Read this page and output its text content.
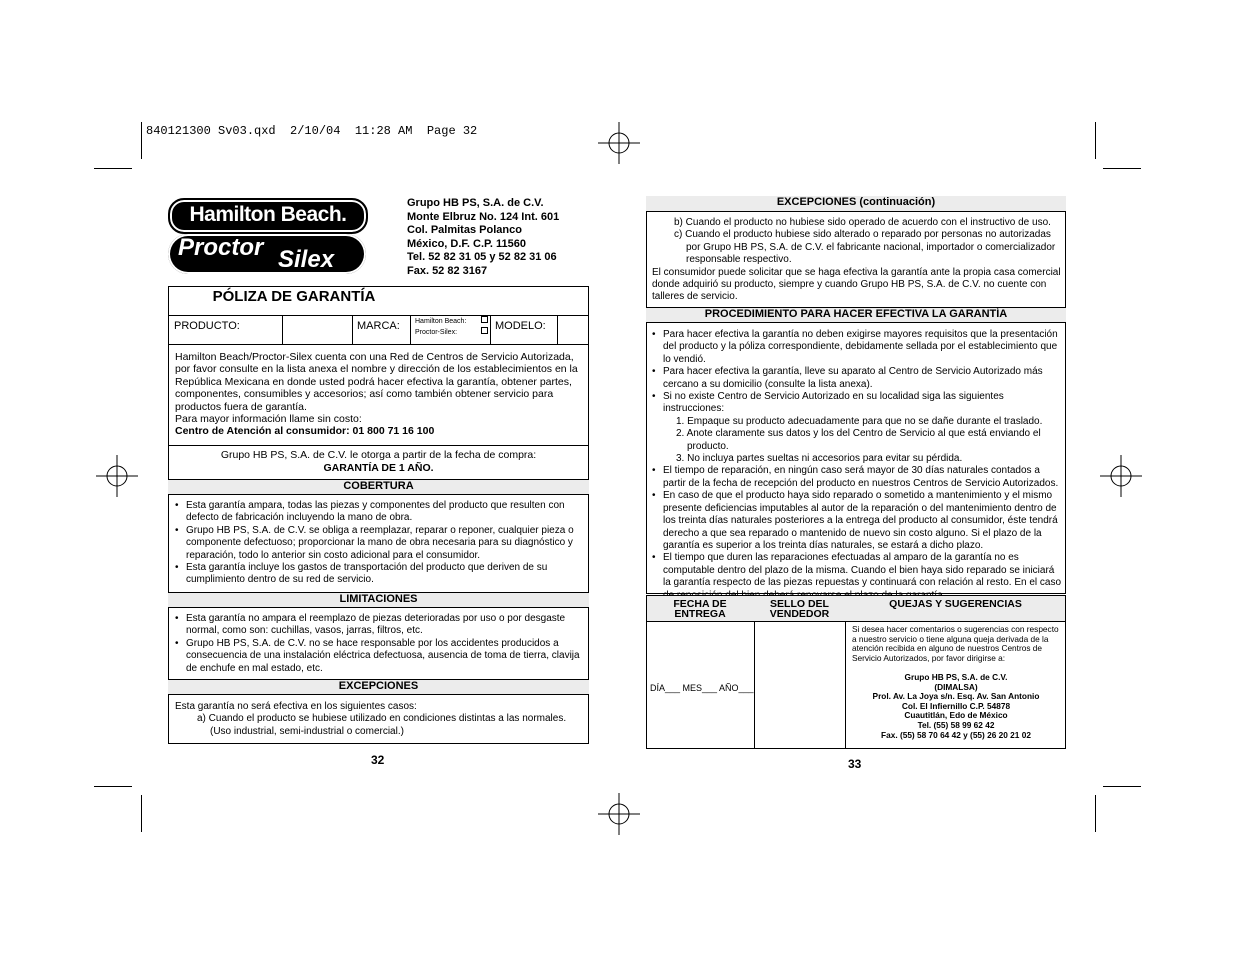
840121300 Sv03.qxd  2/10/04  11:28 AM  Page 32
Hamilton Beach.
Proctor Silex
Grupo HB PS, S.A. de C.V.
Monte Elbruz No. 124 Int. 601
Col. Palmitas Polanco
México, D.F. C.P. 11560
Tel. 52 82 31 05 y 52 82 31 06
Fax. 52 82 3167
PÓLIZA DE GARANTÍA
PRODUCTO:	MARCA: Hamilton Beach:
Proctor-Silex:
MODELO:
Hamilton Beach/Proctor-Silex cuenta con una Red de Centros de Servicio Autorizada, por favor consulte en la lista anexa el nombre y dirección de los establecimientos en la República Mexicana en donde usted podrá hacer efectiva la garantía, obtener partes, componentes, consumibles y accesorios; así como también obtener servicio para productos fuera de garantía.
Para mayor información llame sin costo:
Centro de Atención al consumidor: 01 800 71 16 100
Grupo HB PS, S.A. de C.V. le otorga a partir de la fecha de compra:
GARANTÍA DE 1 AÑO.
COBERTURA
• Esta garantía ampara, todas las piezas y componentes del producto que resulten con defecto de fabricación incluyendo la mano de obra.
• Grupo HB PS, S.A. de C.V. se obliga a reemplazar, reparar o reponer, cualquier pieza o componente defectuoso; proporcionar la mano de obra necesaria para su diagnóstico y reparación, todo lo anterior sin costo adicional para el consumidor.
• Esta garantía incluye los gastos de transportación del producto que deriven de su cumplimiento dentro de su red de servicio.
LIMITACIONES
• Esta garantía no ampara el reemplazo de piezas deterioradas por uso o por desgaste normal, como son: cuchillas, vasos, jarras, filtros, etc.
• Grupo HB PS, S.A. de C.V. no se hace responsable por los accidentes producidos a consecuencia de una instalación eléctrica defectuosa, ausencia de toma de tierra, clavija de enchufe en mal estado, etc.
EXCEPCIONES
Esta garantía no será efectiva en los siguientes casos:
a) Cuando el producto se hubiese utilizado en condiciones distintas a las normales.
(Uso industrial, semi-industrial o comercial.)
32
EXCEPCIONES (continuación)
b) Cuando el producto no hubiese sido operado de acuerdo con el instructivo de uso.
c) Cuando el producto hubiese sido alterado o reparado por personas no autorizadas
por Grupo HB PS, S.A. de C.V. el fabricante nacional, importador o comercializador
responsable respectivo.
El consumidor puede solicitar que se haga efectiva la garantía ante la propia casa comercial donde adquirió su producto, siempre y cuando Grupo HB PS, S.A. de C.V. no cuente con talleres de servicio.
PROCEDIMIENTO PARA HACER EFECTIVA LA GARANTÍA
• Para hacer efectiva la garantía no deben exigirse mayores requisitos que la presentación del producto y la póliza correspondiente, debidamente sellada por el establecimiento que lo vendió.
• Para hacer efectiva la garantía, lleve su aparato al Centro de Servicio Autorizado más cercano a su domicilio (consulte la lista anexa).
• Si no existe Centro de Servicio Autorizado en su localidad siga las siguientes instrucciones:
1. Empaque su producto adecuadamente para que no se dañe durante el traslado.
2. Anote claramente sus datos y los del Centro de Servicio al que está enviando el producto.
3. No incluya partes sueltas ni accesorios para evitar su pérdida.
• El tiempo de reparación, en ningún caso será mayor de 30 días naturales contados a partir de la fecha de recepción del producto en nuestros Centros de Servicio Autorizados.
• En caso de que el producto haya sido reparado o sometido a mantenimiento y el mismo presente deficiencias imputables al autor de la reparación o del mantenimiento dentro de los treinta días naturales posteriores a la entrega del producto al consumidor, éste tendrá derecho a que sea reparado o mantenido de nuevo sin costo alguno. Si el plazo de la garantía es superior a los treinta días naturales, se estará a dicho plazo.
• El tiempo que duren las reparaciones efectuadas al amparo de la garantía no es computable dentro del plazo de la misma. Cuando el bien haya sido reparado se iniciará la garantía respecto de las piezas repuestas y continuará con relación al resto. En el caso
FECHA DE
ENTREGA
SELLO DEL
VENDEDOR
QUEJAS Y SUGERENCIAS
DÍA___ MES___ AÑO___
Si desea hacer comentarios o sugerencias con respecto a nuestro servicio o tiene alguna queja derivada de la atención recibida en alguno de nuestros Centros de Servicio Autorizados, por favor dirigirse a:
Grupo HB PS, S.A. de C.V.
(DIMALSA)
Prol. Av. La Joya s/n. Esq. Av. San Antonio
Col. El Infiernillo C.P. 54878
Cuautitlán, Edo de México
Tel. (55) 58 99 62 42
Fax. (55) 58 70 64 42 y (55) 26 20 21 02
33
